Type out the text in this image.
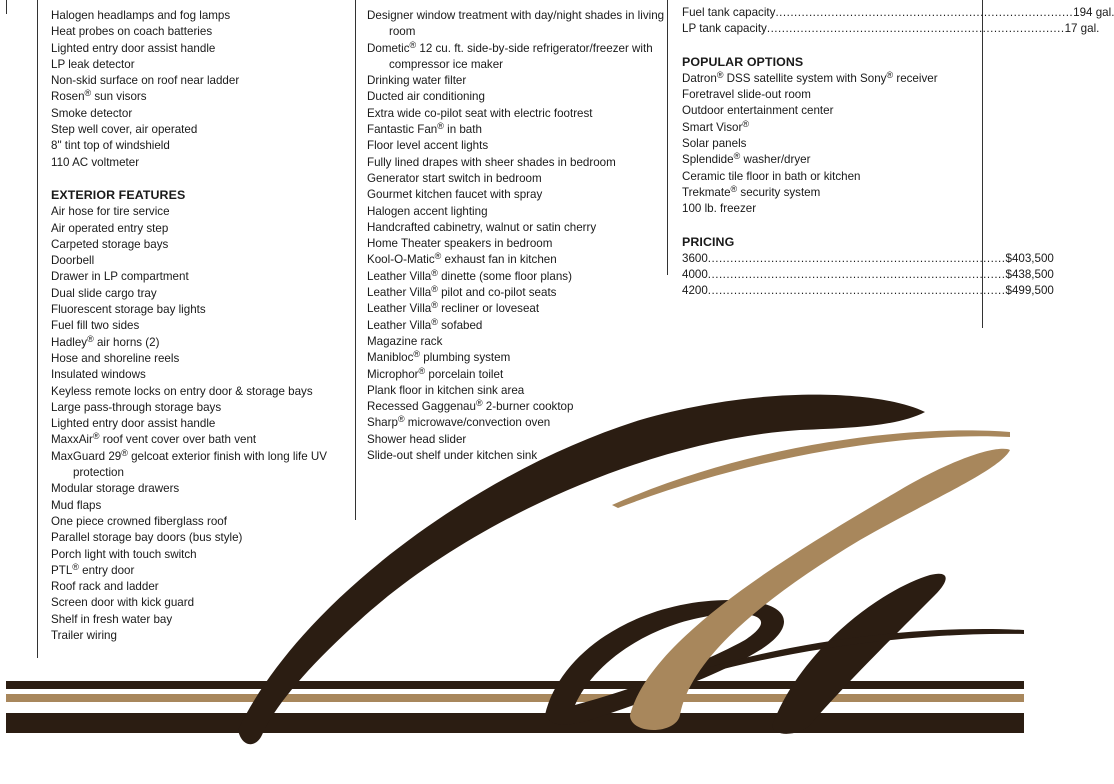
Halogen headlamps and fog lamps
Heat probes on coach batteries
Lighted entry door assist handle
LP leak detector
Non-skid surface on roof near ladder
Rosen® sun visors
Smoke detector
Step well cover, air operated
8" tint top of windshield
110 AC voltmeter
EXTERIOR FEATURES
Air hose for tire service
Air operated entry step
Carpeted storage bays
Doorbell
Drawer in LP compartment
Dual slide cargo tray
Fluorescent storage bay lights
Fuel fill two sides
Hadley® air horns (2)
Hose and shoreline reels
Insulated windows
Keyless remote locks on entry door & storage bays
Large pass-through storage bays
Lighted entry door assist handle
MaxxAir® roof vent cover over bath vent
MaxGuard 29® gelcoat exterior finish with long life UV protection
Modular storage drawers
Mud flaps
One piece crowned fiberglass roof
Parallel storage bay doors (bus style)
Porch light with touch switch
PTL® entry door
Roof rack and ladder
Screen door with kick guard
Shelf in fresh water bay
Trailer wiring
Designer window treatment with day/night shades in living room
Dometic® 12 cu. ft. side-by-side refrigerator/freezer with compressor ice maker
Drinking water filter
Ducted air conditioning
Extra wide co-pilot seat with electric footrest
Fantastic Fan® in bath
Floor level accent lights
Fully lined drapes with sheer shades in bedroom
Generator start switch in bedroom
Gourmet kitchen faucet with spray
Halogen accent lighting
Handcrafted cabinetry, walnut or satin cherry
Home Theater speakers in bedroom
Kool-O-Matic® exhaust fan in kitchen
Leather Villa® dinette (some floor plans)
Leather Villa® pilot and co-pilot seats
Leather Villa® recliner or loveseat
Leather Villa® sofabed
Magazine rack
Manibloc® plumbing system
Microphor® porcelain toilet
Plank floor in kitchen sink area
Recessed Gaggenau® 2-burner cooktop
Sharp® microwave/convection oven
Shower head slider
Slide-out shelf under kitchen sink
Fuel tank capacity ................................................................................ 194 gal.
LP tank capacity ................................................................................ 17 gal.
POPULAR OPTIONS
Datron® DSS satellite system with Sony® receiver
Foretravel slide-out room
Outdoor entertainment center
Smart Visor®
Solar panels
Splendide® washer/dryer
Ceramic tile floor in bath or kitchen
Trekmate® security system
100 lb. freezer
PRICING
3600 ................................................................................ $403,500
4000 ................................................................................ $438,500
4200 ................................................................................ $499,500
